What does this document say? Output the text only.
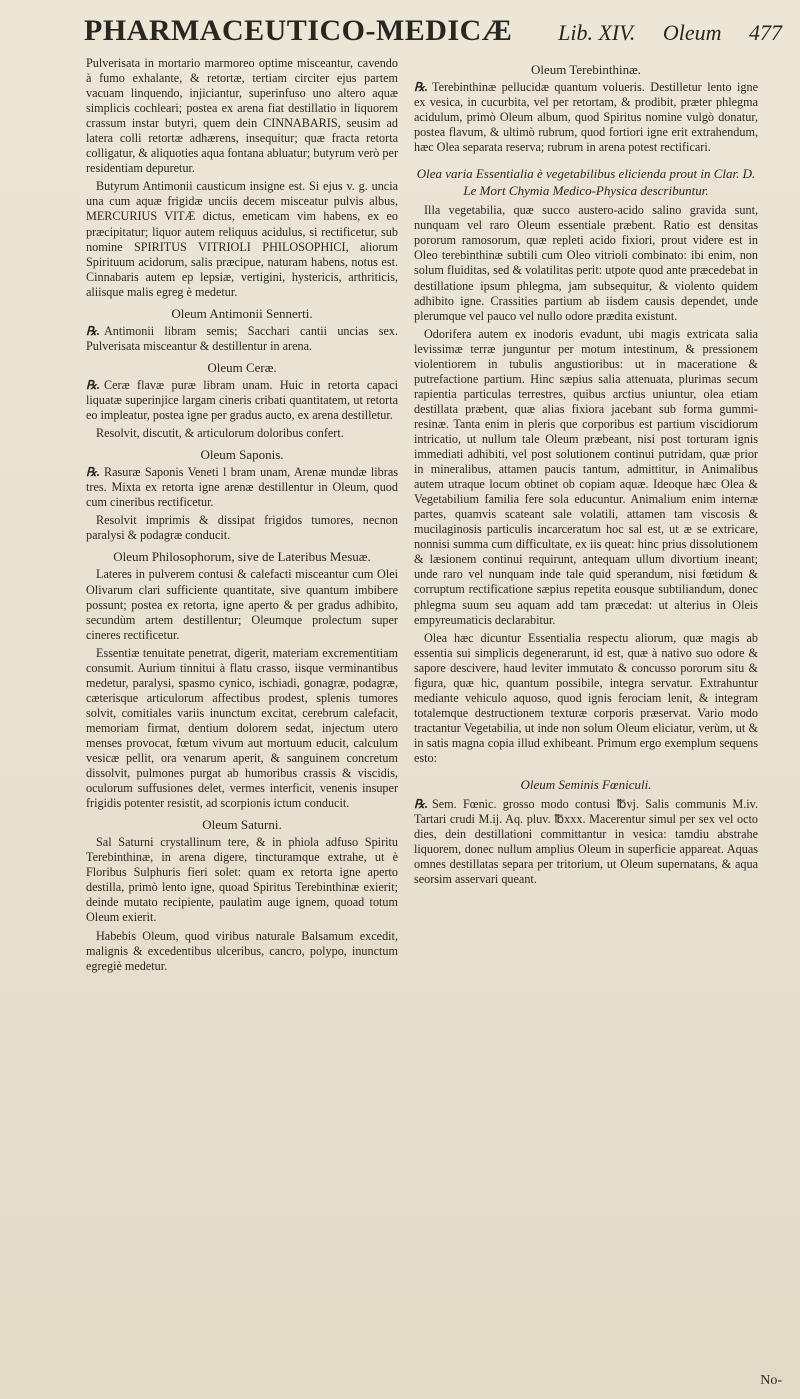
PHARMACEUTICO-MEDICÆ	Lib. XIV. Oleum 477

Pulverisata in mortario marmoreo optime misceantur, cavendo à fumo exhalante, & retortæ, tertiam circiter ejus partem vacuam linquendo, injiciantur, superinfuso uno altero aquæ simplicis cochleari; postea ex arena fiat destillatio in liquorem crassum instar butyri, quem dein CINNABARIS, seusim ad latera colli retortæ adhærens, insequitur; quæ fracta retorta colligatur, & aliquoties aqua fontana abluatur; butyrum verò per residentiam depuretur.

Butyrum Antimonii causticum insigne est. Si ejus v. g. uncia una cum aquæ frigidæ unciis decem misceatur pulvis albus, MERCURIUS VITÆ dictus, emeticam vim habens, ex eo præcipitatur; liquor autem reliquus acidulus, si rectificetur, sub nomine SPIRITUS VITRIOLI PHILOSOPHICI, aliorum Spirituum acidorum, salis præcipue, naturam habens, notus est. Cinnabaris autem ep lepsiæ, vertigini, hystericis, arthriticis, aliisque malis egreg è medetur.

Oleum Antimonii Sennerti.

℞. Antimonii libram semis; Sacchari cantii uncias sex. Pulverisata misceantur & destillentur in arena.

Oleum Ceræ.

℞. Ceræ flavæ puræ libram unam. Huic in retorta capaci liquatæ superinjice largam cineris cribati quantitatem, ut retorta eo impleatur, postea igne per gradus aucto, ex arena destilletur.

Resolvit, discutit, & articulorum doloribus confert.

Oleum Saponis.

℞. Rasuræ Saponis Veneti l bram unam, Arenæ mundæ libras tres. Mixta ex retorta igne arenæ destillentur in Oleum, quod cum cineribus rectificetur.

Resolvit imprimis & dissipat frigidos tumores, necnon paralysi & podagræ conducit.

Oleum Philosophorum, sive de Lateribus Mesuæ.

Lateres in pulverem contusi & calefacti misceantur cum Olei Olivarum clari sufficiente quantitate, sive quantum imbibere possunt; postea ex retorta, igne aperto & per gradus adhibito, secundùm artem destillentur; Oleumque prolectum super cineres rectificetur.

Essentiæ tenuitate penetrat, digerit, materiam excrementitiam consumit. Aurium tinnitui à flatu crasso, iisque verminantibus medetur, paralysi, spasmo cynico, ischiadi, gonagræ, podagræ, cæterisque articulorum affectibus prodest, splenis tumores solvit, comitiales variis inunctum excitat, cerebrum calefacit, memoriam firmat, dentium dolorem sedat, injectum utero menses provocat, fœtum vivum aut mortuum educit, calculum vesicæ pellit, ora venarum aperit, & sanguinem concretum dissolvit, pulmones purgat ab humoribus crassis & viscidis, oculorum suffusiones delet, vermes interficit, venenis insuper frigidis potenter resistit, ad scorpionis ictum conducit.

Oleum Saturni.

Sal Saturni crystallinum tere, & in phiola adfuso Spiritu Terebinthinæ, in arena digere, tincturamque extrahe, ut è Floribus Sulphuris fieri solet: quam ex retorta igne aperto destilla, primò lento igne, quoad Spiritus Terebinthinæ exierit; deinde mutato recipiente, paulatim auge ignem, quoad totum Oleum exierit.

Habebis Oleum, quod viribus naturale Balsamum excedit, malignis & excedentibus ulceribus, cancro, polypo, inunctum egregiè medetur.

Oleum Terebinthinæ.

℞. Terebinthinæ pellucidæ quantum volueris. Destilletur lento igne ex vesica, in cucurbita, vel per retortam, & prodibit, præter phlegma acidulum, primò Oleum album, quod Spiritus nomine vulgò donatur, postea flavum, & ultimò rubrum, quod fortiori igne erit extrahendum, hæc Olea separata reserva; rubrum in arena potest rectificari.

Olea varia Essentialia è vegetabilibus elicienda prout in Clar. D. Le Mort Chymia Medico-Physica describuntur.

Illa vegetabilia, quæ succo austero-acido salino gravida sunt, nunquam vel raro Oleum essentiale præbent. Ratio est densitas pororum ramosorum, quæ repleti acido fixiori, prout videre est in Oleo terebinthinæ subtili cum Oleo vitrioli combinato: ibi enim, non solum fluiditas, sed & volatilitas perit: utpote quod ante præcedebat in destillatione ipsum phlegma, jam subsequitur, & violento quidem adhibito igne. Crassities partium ab iisdem causis dependet, unde plerumque vel pauco vel nullo odore prædita existunt.

Odorifera autem ex inodoris evadunt, ubi magis extricata salia levissimæ terræ junguntur per motum intestinum, & pressionem violentiorem in tubulis angustioribus: ut in maceratione & putrefactione partium. Hinc sæpius salia attenuata, plurimas secum rapientia particulas terrestres, quibus arctius uniuntur, olea etiam destillata præbent, quæ alias fixiora jacebant sub forma gummi-resinæ. Tanta enim in pleris que corporibus est partium viscidiorum intricatio, ut nullum tale Oleum præbeant, nisi post torturam ignis immediati adhibiti, vel post solutionem continui putridam, quæ prior in mineralibus, attamen paucis tantum, admittitur, in Animalibus autem utraque locum obtinet ob copiam aquæ. Ideoque hæc Olea & Vegetabilium familia fere sola educuntur. Animalium enim internæ partes, quamvis scateant sale volatili, attamen tam viscosis & mucilaginosis particulis incarceratum hoc sal est, ut æ se extricare, nonnisi summa cum difficultate, ex iis queat: hinc prius dissolutionem & læsionem continui requirunt, antequam ullum divortium ineant; unde raro vel nunquam inde tale quid sperandum, nisi fœtidum & corruptum rectificatione sæpius repetita eousque subtiliandum, donec phlegma suum seu aquam add tam præcedat: ut alterius in Oleis empyreumaticis declarabitur.

Olea hæc dicuntur Essentialia respectu aliorum, quæ magis ab essentia sui simplicis degenerarunt, id est, quæ à nativo suo odore & sapore descivere, haud leviter immutato & concusso pororum situ & figura, quæ hic, quantum possibile, integra servatur. Extrahuntur mediante vehiculo aquoso, quod ignis ferociam lenit, & integram totalemque destructionem texturæ corporis præservat. Vario modo tractantur Vegetabilia, ut inde non solum Oleum eliciatur, verùm, ut & in satis magna copia illud exhibeant. Primum ergo exemplum sequens esto:

Oleum Seminis Fœniculi.

℞. Sem. Fœnic. grosso modo contusi ℔vj. Salis communis M.iv. Tartari crudi M.ij. Aq. pluv. ℔xxx. Macerentur simul per sex vel octo dies, dein destillationi committantur in vesica: tamdiu abstrahe liquorem, donec nullum amplius Oleum in superficie appareat. Aquas omnes destillatas separa per tritorium, ut Oleum supernatans, & aqua seorsim asservari queant.

No-
